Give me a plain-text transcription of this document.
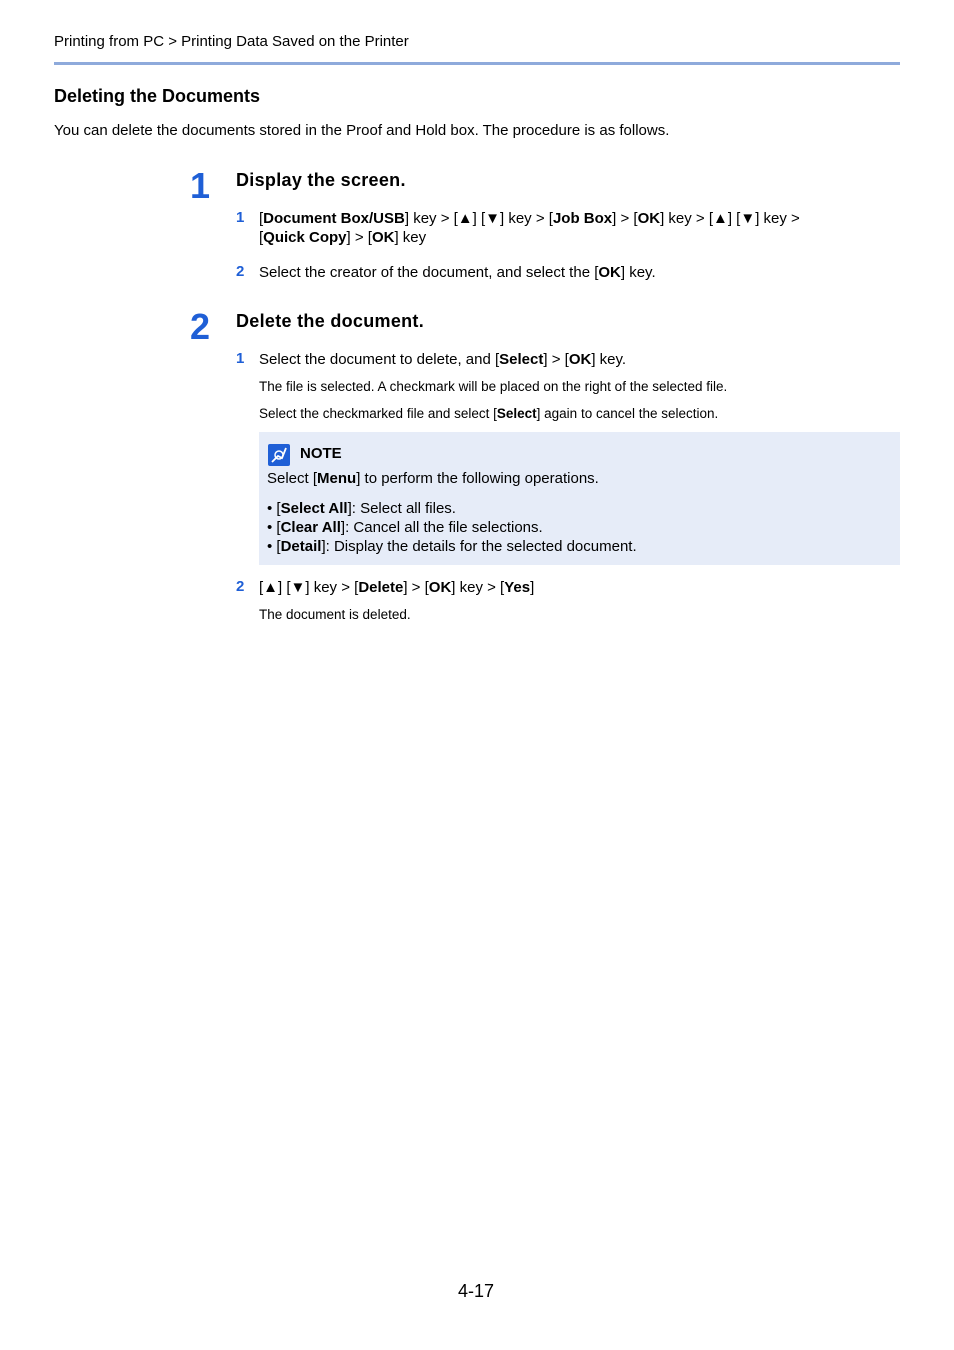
Printing from PC > Printing Data Saved on the Printer
Deleting the Documents
You can delete the documents stored in the Proof and Hold box. The procedure is as follows.
1 Display the screen.
1 [Document Box/USB] key > [▲] [▼] key > [Job Box] > [OK] key > [▲] [▼] key >
[Quick Copy] > [OK] key
2 Select the creator of the document, and select the [OK] key.
2 Delete the document.
1 Select the document to delete, and [Select] > [OK] key.
The file is selected. A checkmark will be placed on the right of the selected file.
Select the checkmarked file and select [Select] again to cancel the selection.
NOTE
Select [Menu] to perform the following operations.
• [Select All]: Select all files.
• [Clear All]: Cancel all the file selections.
• [Detail]: Display the details for the selected document.
2 [▲] [▼] key > [Delete] > [OK] key > [Yes]
The document is deleted.
4-17
